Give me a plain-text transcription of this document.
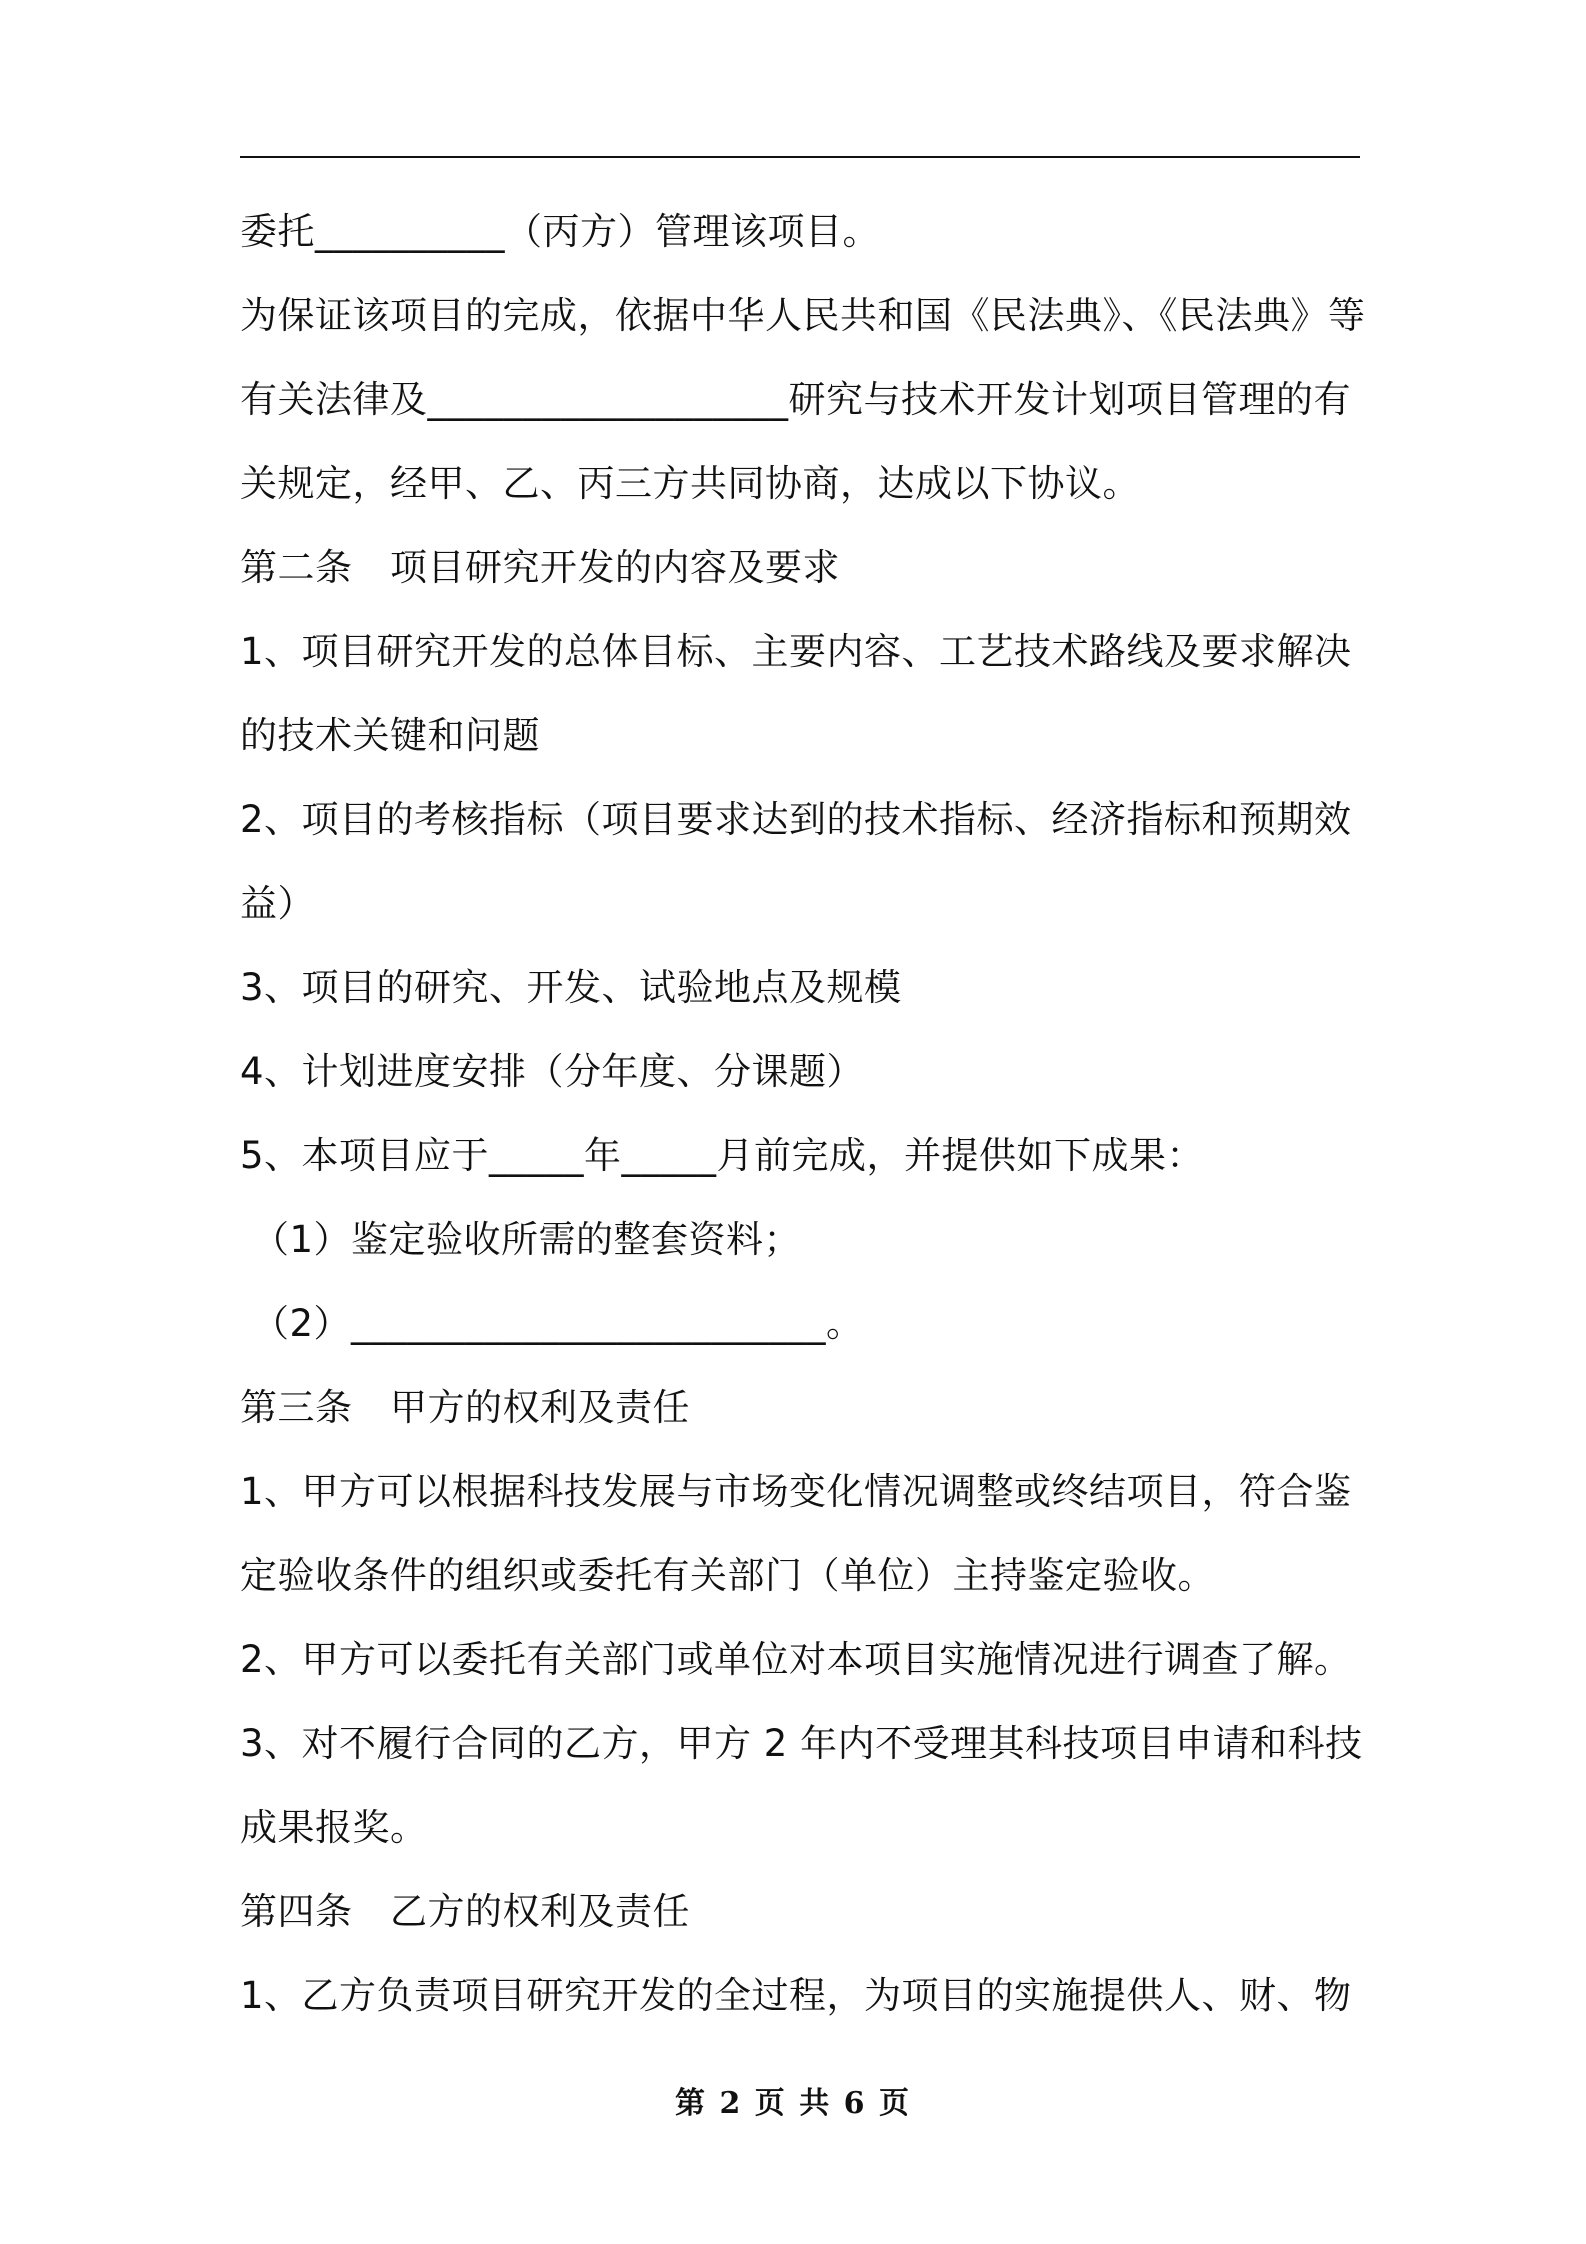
委托__________（丙方）管理该项目。
为保证该项目的完成，依据中华人民共和国《民法典》、《民法典》等
有关法律及___________________研究与技术开发计划项目管理的有
关规定，经甲、乙、丙三方共同协商，达成以下协议。
第二条　项目研究开发的内容及要求
1、项目研究开发的总体目标、主要内容、工艺技术路线及要求解决
的技术关键和问题
2、项目的考核指标（项目要求达到的技术指标、经济指标和预期效
益）
3、项目的研究、开发、试验地点及规模
4、计划进度安排（分年度、分课题）
5、本项目应于_____年_____月前完成，并提供如下成果：
（1）鉴定验收所需的整套资料；
（2）_________________________。
第三条　甲方的权利及责任
1、甲方可以根据科技发展与市场变化情况调整或终结项目，符合鉴
定验收条件的组织或委托有关部门（单位）主持鉴定验收。
2、甲方可以委托有关部门或单位对本项目实施情况进行调查了解。
3、对不履行合同的乙方，甲方 2 年内不受理其科技项目申请和科技
成果报奖。
第四条　乙方的权利及责任
1、乙方负责项目研究开发的全过程，为项目的实施提供人、财、物
第 2 页 共 6 页
